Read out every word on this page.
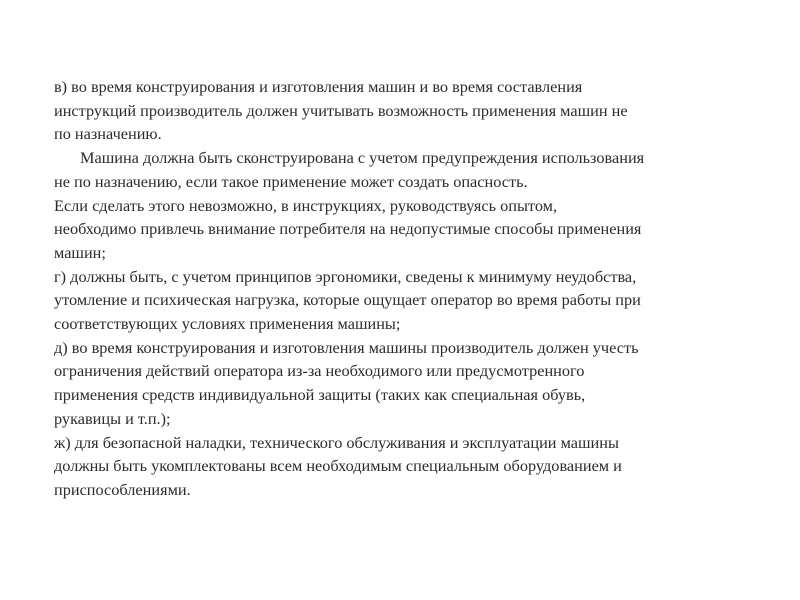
в) во время конструирования и изготовления машин и во время составления
инструкций производитель должен учитывать возможность применения машин не
по назначению.
Машина должна быть сконструирована с учетом предупреждения использования
не по назначению, если такое применение может создать опасность.
Если сделать этого невозможно, в инструкциях, руководствуясь опытом,
необходимо привлечь внимание потребителя на недопустимые способы применения
машин;
г) должны быть, с учетом принципов эргономики, сведены к минимуму неудобства,
утомление и психическая нагрузка, которые ощущает оператор во время работы при
соответствующих условиях применения машины;
д) во время конструирования и изготовления машины производитель должен учесть
ограничения действий оператора из-за необходимого или предусмотренного
применения средств индивидуальной защиты (таких как специальная обувь,
рукавицы и т.п.);
ж) для безопасной наладки, технического обслуживания и эксплуатации машины
должны быть укомплектованы всем необходимым специальным оборудованием и
приспособлениями.
